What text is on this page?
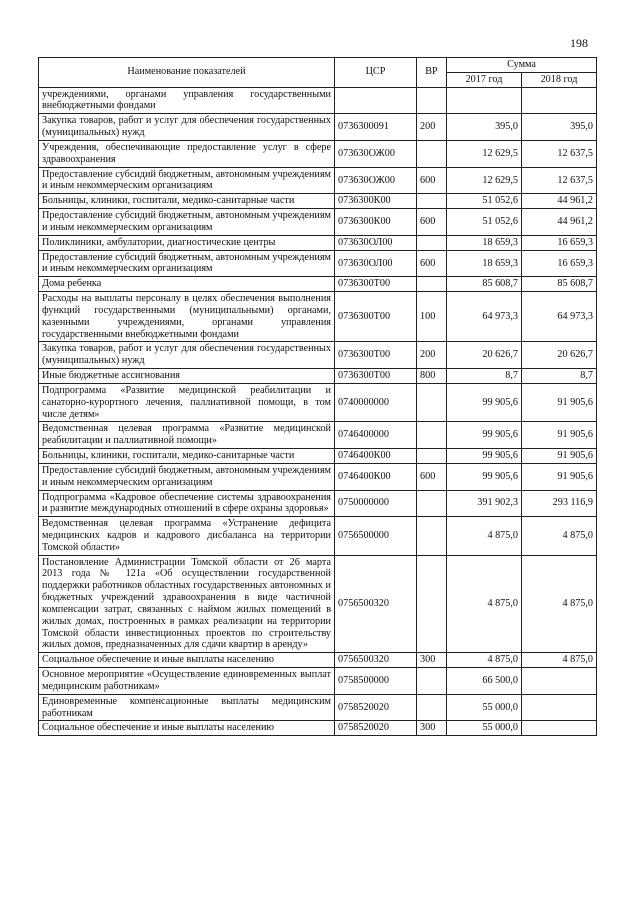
198
Наименование показателей	ЦСР	ВР	Сумма	
			2017 год	2018 год
учреждениями, органами управления государственными внебюджетными фондами				
Закупка товаров, работ и услуг для обеспечения государственных (муниципальных) нужд	0736300091	200	395,0	395,0
Учреждения, обеспечивающие предоставление услуг в сфере здравоохранения	073630ОЖ00		12 629,5	12 637,5
Предоставление субсидий бюджетным, автономным учреждениям и иным некоммерческим организациям	073630ОЖ00	600	12 629,5	12 637,5
Больницы, клиники, госпитали, медико-санитарные части	0736300К00		51 052,6	44 961,2
Предоставление субсидий бюджетным, автономным учреждениям и иным некоммерческим организациям	0736300К00	600	51 052,6	44 961,2
Поликлиники, амбулатории, диагностические центры	073630ОЛ00		18 659,3	16 659,3
Предоставление субсидий бюджетным, автономным учреждениям и иным некоммерческим организациям	073630ОЛ00	600	18 659,3	16 659,3
Дома ребенка	0736300Т00		85 608,7	85 608,7
Расходы на выплаты персоналу в целях обеспечения выполнения функций государственными (муниципальными) органами, казенными учреждениями, органами управления государственными внебюджетными фондами	0736300Т00	100	64 973,3	64 973,3
Закупка товаров, работ и услуг для обеспечения государственных (муниципальных) нужд	0736300Т00	200	20 626,7	20 626,7
Иные бюджетные ассигнования	0736300Т00	800	8,7	8,7
Подпрограмма «Развитие медицинской реабилитации и санаторно-курортного лечения, паллиативной помощи, в том числе детям»	0740000000		99 905,6	91 905,6
Ведомственная целевая программа «Развитие медицинской реабилитации и паллиативной помощи»	0746400000		99 905,6	91 905,6
Больницы, клиники, госпитали, медико-санитарные части	0746400К00		99 905,6	91 905,6
Предоставление субсидий бюджетным, автономным учреждениям и иным некоммерческим организациям	0746400К00	600	99 905,6	91 905,6
Подпрограмма «Кадровое обеспечение системы здравоохранения и развитие международных отношений в сфере охраны здоровья»	0750000000		391 902,3	293 116,9
Ведомственная целевая программа «Устранение дефицита медицинских кадров и кадрового дисбаланса на территории Томской области»	0756500000		4 875,0	4 875,0
Постановление Администрации Томской области от 26 марта 2013 года № 121а «Об осуществлении государственной поддержки работников областных государственных автономных и бюджетных учреждений здравоохранения в виде частичной компенсации затрат, связанных с наймом жилых помещений в жилых домах, построенных в рамках реализации на территории Томской области инвестиционных проектов по строительству жилых домов, предназначенных для сдачи квартир в аренду»	0756500320		4 875,0	4 875,0
Социальное обеспечение и иные выплаты населению	0756500320	300	4 875,0	4 875,0
Основное мероприятие «Осуществление единовременных выплат медицинским работникам»	0758500000		66 500,0	
Единовременные компенсационные выплаты медицинским работникам	0758520020		55 000,0	
Социальное обеспечение и иные выплаты населению	0758520020	300	55 000,0	
